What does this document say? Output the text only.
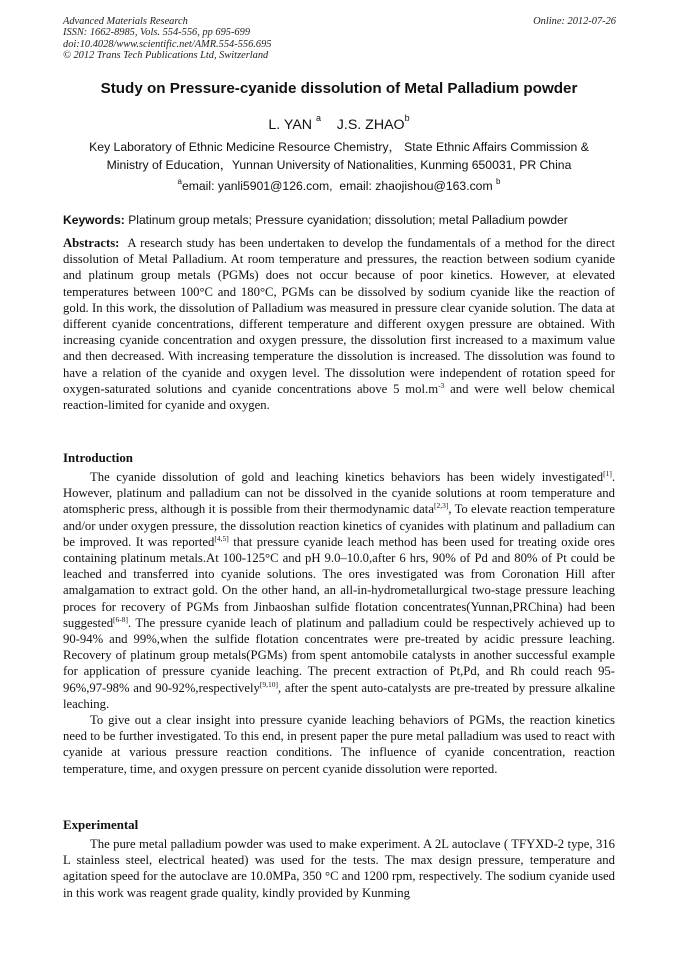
Advanced Materials Research
ISSN: 1662-8985, Vols. 554-556, pp 695-699
doi:10.4028/www.scientific.net/AMR.554-556.695
© 2012 Trans Tech Publications Ltd, Switzerland
Online: 2012-07-26
Study on Pressure-cyanide dissolution of Metal Palladium powder
L. YAN $^a$ J.S. ZHAO$^b$
Key Laboratory of Ethnic Medicine Resource Chemistry， State Ethnic Affairs Commission &
Ministry of Education，Yunnan University of Nationalities, Kunming 650031, PR China
$^a$email: yanli5901@126.com, email: zhaojishou@163.com $^b$
Keywords: Platinum group metals; Pressure cyanidation; dissolution; metal Palladium powder
Abstracts: A research study has been undertaken to develop the fundamentals of a method for the direct dissolution of Metal Palladium. At room temperature and pressures, the reaction between sodium cyanide and platinum group metals (PGMs) does not occur because of poor kinetics. However, at elevated temperatures between 100°C and 180°C, PGMs can be dissolved by sodium cyanide like the reaction of gold. In this work, the dissolution of Palladium was measured in pressure clear cyanide solution. The data at different cyanide concentrations, different temperature and different oxygen pressure are obtained. With increasing cyanide concentration and oxygen pressure, the dissolution first increased to a maximum value and then decreased. With increasing temperature the dissolution is increased. The dissolution was found to have a relation of the cyanide and oxygen level. The dissolution were independent of rotation speed for oxygen-saturated solutions and cyanide concentrations above 5 $mol.m^{-3}$ and were well below chemical reaction-limited for cyanide and oxygen.
Introduction

The cyanide dissolution of gold and leaching kinetics behaviors has been widely investigated[1]. However, platinum and palladium can not be dissolved in the cyanide solutions at room temperature and atomspheric press, although it is possible from their thermodynamic data[2,3], To elevate reaction temperature and/or under oxygen pressure, the dissolution reaction kinetics of cyanides with platinum and palladium can be improved. It was reported[4,5] that pressure cyanide leach method has been used for treating oxide ores containing platinum metals.At 100-125°C and pH 9.0–10.0,after 6 hrs, 90% of Pd and 80% of Pt could be leached and transferred into cyanide solutions. The ores investigated was from Coronation Hill after amalgamation to extract gold. On the other hand, an all-in-hydrometallurgical two-stage pressure leaching proces for recovery of PGMs from Jinbaoshan sulfide flotation concentrates(Yunnan,PRChina) had been suggested[6-8]. The pressure cyanide leach of platinum and palladium could be respectively achieved up to 90-94% and 99%,when the sulfide flotation concentrates were pre-treated by acidic pressure leaching. Recovery of platinum group metals(PGMs) from spent antomobile catalysts in another successful example for application of pressure cyanide leaching. The precent extraction of Pt,Pd, and Rh could reach 95-96%,97-98% and 90-92%,respectively[9,10], after the spent auto-catalysts are pre-treated by pressure alkaline leaching.

To give out a clear insight into pressure cyanide leaching behaviors of PGMs, the reaction kinetics need to be further investigated. To this end, in present paper the pure metal palladium was used to react with cyanide at various pressure reaction conditions. The influence of cyanide concentration, reaction temperature, time, and oxygen pressure on percent cyanide dissolution were reported.

Experimental

The pure metal palladium powder was used to make experiment. A 2L autoclave ( TFYXD-2 type, 316 L stainless steel, electrical heated) was used for the tests. The max design pressure, temperature and agitation speed for the autoclave are 10.0MPa, 350 °C and 1200 rpm, respectively. The sodium cyanide used in this work was reagent grade quality, kindly provided by Kunming
